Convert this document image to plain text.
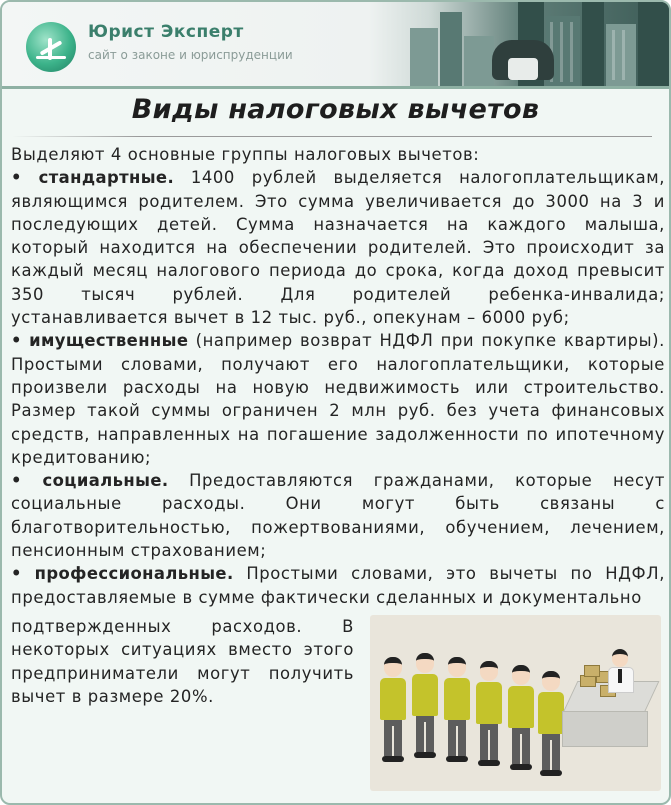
Юрист Эксперт
сайт о законе и юриспруденции
Виды налоговых вычетов

Выделяют 4 основные группы налоговых вычетов:

• стандартные. 1400 рублей выделяется налогоплательщикам, являющимся родителем. Это сумма увеличивается до 3000 на 3 и последующих детей. Сумма назначается на каждого малыша, который находится на обеспечении родителей. Это происходит за каждый месяц налогового периода до срока, когда доход превысит 350 тысяч рублей. Для родителей ребенка-инвалида; устанавливается вычет в 12 тыс. руб., опекунам – 6000 руб;

• имущественные (например возврат НДФЛ при покупке квартиры). Простыми словами, получают его налогоплательщики, которые произвели расходы на новую недвижимость или строительство. Размер такой суммы ограничен 2 млн руб. без учета финансовых средств, направленных на погашение задолженности по ипотечному кредитованию;

• социальные. Предоставляются гражданами, которые несут социальные расходы. Они могут быть связаны с благотворительностью, пожертвованиями, обучением, лечением, пенсионным страхованием;

• профессиональные. Простыми словами, это вычеты по НДФЛ, предоставляемые в сумме фактически сделанных и документально

подтвержденных расходов. В некоторых ситуациях вместо этого предприниматели могут получить вычет в размере 20%.
